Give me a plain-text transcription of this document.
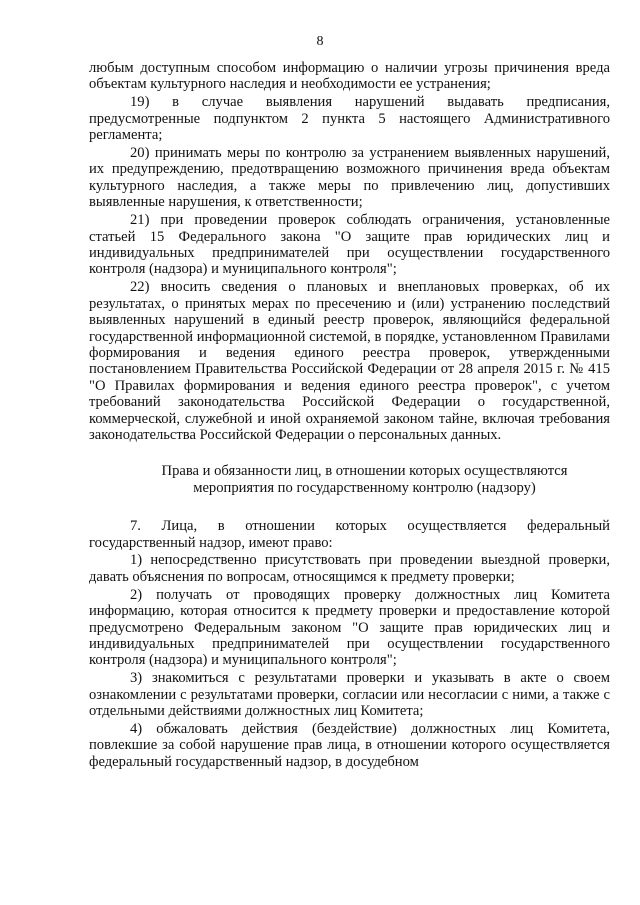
8

любым доступным способом информацию о наличии угрозы причинения вреда объектам культурного наследия и необходимости ее устранения;

19) в случае выявления нарушений выдавать предписания, предусмотренные подпунктом 2 пункта 5 настоящего Административного регламента;

20) принимать меры по контролю за устранением выявленных нарушений, их предупреждению, предотвращению возможного причинения вреда объектам культурного наследия, а также меры по привлечению лиц, допустивших выявленные нарушения, к ответственности;

21) при проведении проверок соблюдать ограничения, установленные статьей 15 Федерального закона "О защите прав юридических лиц и индивидуальных предпринимателей при осуществлении государственного контроля (надзора) и муниципального контроля";

22) вносить сведения о плановых и внеплановых проверках, об их результатах, о принятых мерах по пресечению и (или) устранению последствий выявленных нарушений в единый реестр проверок, являющийся федеральной государственной информационной системой, в порядке, установленном Правилами формирования и ведения единого реестра проверок, утвержденными постановлением Правительства Российской Федерации от 28 апреля 2015 г. № 415 "О Правилах формирования и ведения единого реестра проверок", с учетом требований законодательства Российской Федерации о государственной, коммерческой, служебной и иной охраняемой законом тайне, включая требования законодательства Российской Федерации о персональных данных.

Права и обязанности лиц, в отношении которых осуществляются
мероприятия по государственному контролю (надзору)

7. Лица, в отношении которых осуществляется федеральный государственный надзор, имеют право:

1) непосредственно присутствовать при проведении выездной проверки, давать объяснения по вопросам, относящимся к предмету проверки;

2) получать от проводящих проверку должностных лиц Комитета информацию, которая относится к предмету проверки и предоставление которой предусмотрено Федеральным законом "О защите прав юридических лиц и индивидуальных предпринимателей при осуществлении государственного контроля (надзора) и муниципального контроля";

3) знакомиться с результатами проверки и указывать в акте о своем ознакомлении с результатами проверки, согласии или несогласии с ними, а также с отдельными действиями должностных лиц Комитета;

4) обжаловать действия (бездействие) должностных лиц Комитета, повлекшие за собой нарушение прав лица, в отношении которого осуществляется федеральный государственный надзор, в досудебном
